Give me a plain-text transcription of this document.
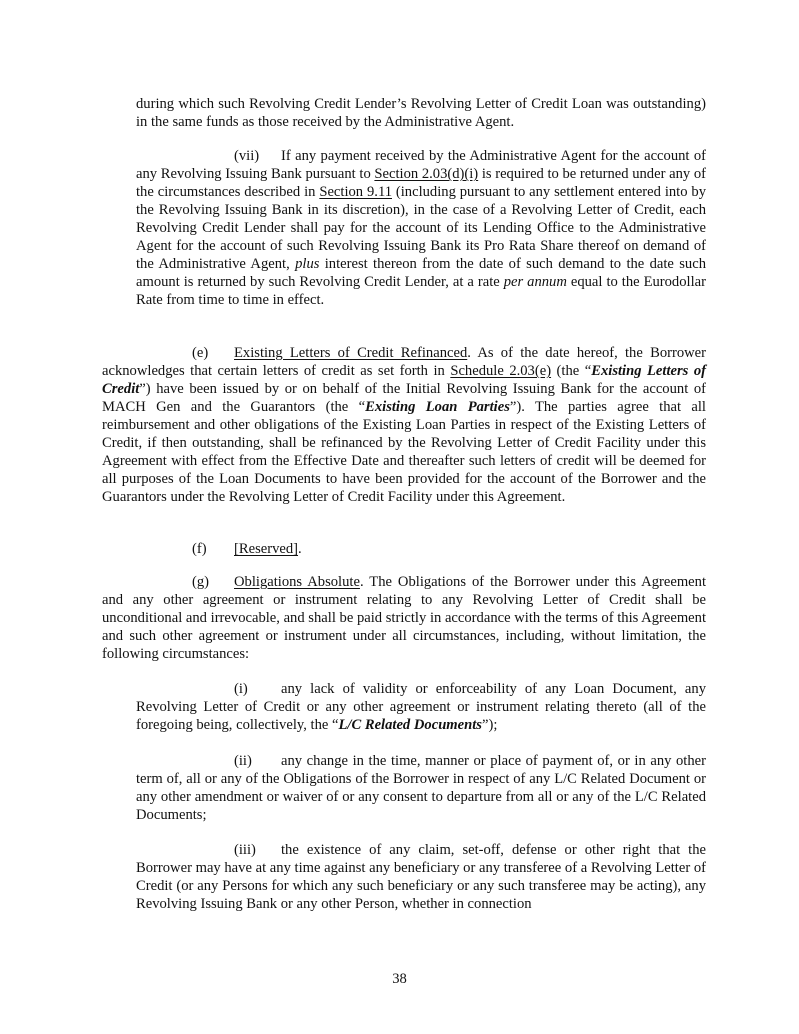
during which such Revolving Credit Lender’s Revolving Letter of Credit Loan was outstanding) in the same funds as those received by the Administrative Agent.

(vii) If any payment received by the Administrative Agent for the account of any Revolving Issuing Bank pursuant to Section 2.03(d)(i) is required to be returned under any of the circumstances described in Section 9.11 (including pursuant to any settlement entered into by the Revolving Issuing Bank in its discretion), in the case of a Revolving Letter of Credit, each Revolving Credit Lender shall pay for the account of its Lending Office to the Administrative Agent for the account of such Revolving Issuing Bank its Pro Rata Share thereof on demand of the Administrative Agent, plus interest thereon from the date of such demand to the date such amount is returned by such Revolving Credit Lender, at a rate per annum equal to the Eurodollar Rate from time to time in effect.

(e) Existing Letters of Credit Refinanced. As of the date hereof, the Borrower acknowledges that certain letters of credit as set forth in Schedule 2.03(e) (the “Existing Letters of Credit”) have been issued by or on behalf of the Initial Revolving Issuing Bank for the account of MACH Gen and the Guarantors (the “Existing Loan Parties”). The parties agree that all reimbursement and other obligations of the Existing Loan Parties in respect of the Existing Letters of Credit, if then outstanding, shall be refinanced by the Revolving Letter of Credit Facility under this Agreement with effect from the Effective Date and thereafter such letters of credit will be deemed for all purposes of the Loan Documents to have been provided for the account of the Borrower and the Guarantors under the Revolving Letter of Credit Facility under this Agreement.

(f) [Reserved].

(g) Obligations Absolute. The Obligations of the Borrower under this Agreement and any other agreement or instrument relating to any Revolving Letter of Credit shall be unconditional and irrevocable, and shall be paid strictly in accordance with the terms of this Agreement and such other agreement or instrument under all circumstances, including, without limitation, the following circumstances:

(i) any lack of validity or enforceability of any Loan Document, any Revolving Letter of Credit or any other agreement or instrument relating thereto (all of the foregoing being, collectively, the “L/C Related Documents”);

(ii) any change in the time, manner or place of payment of, or in any other term of, all or any of the Obligations of the Borrower in respect of any L/C Related Document or any other amendment or waiver of or any consent to departure from all or any of the L/C Related Documents;

(iii) the existence of any claim, set-off, defense or other right that the Borrower may have at any time against any beneficiary or any transferee of a Revolving Letter of Credit (or any Persons for which any such beneficiary or any such transferee may be acting), any Revolving Issuing Bank or any other Person, whether in connection

38
